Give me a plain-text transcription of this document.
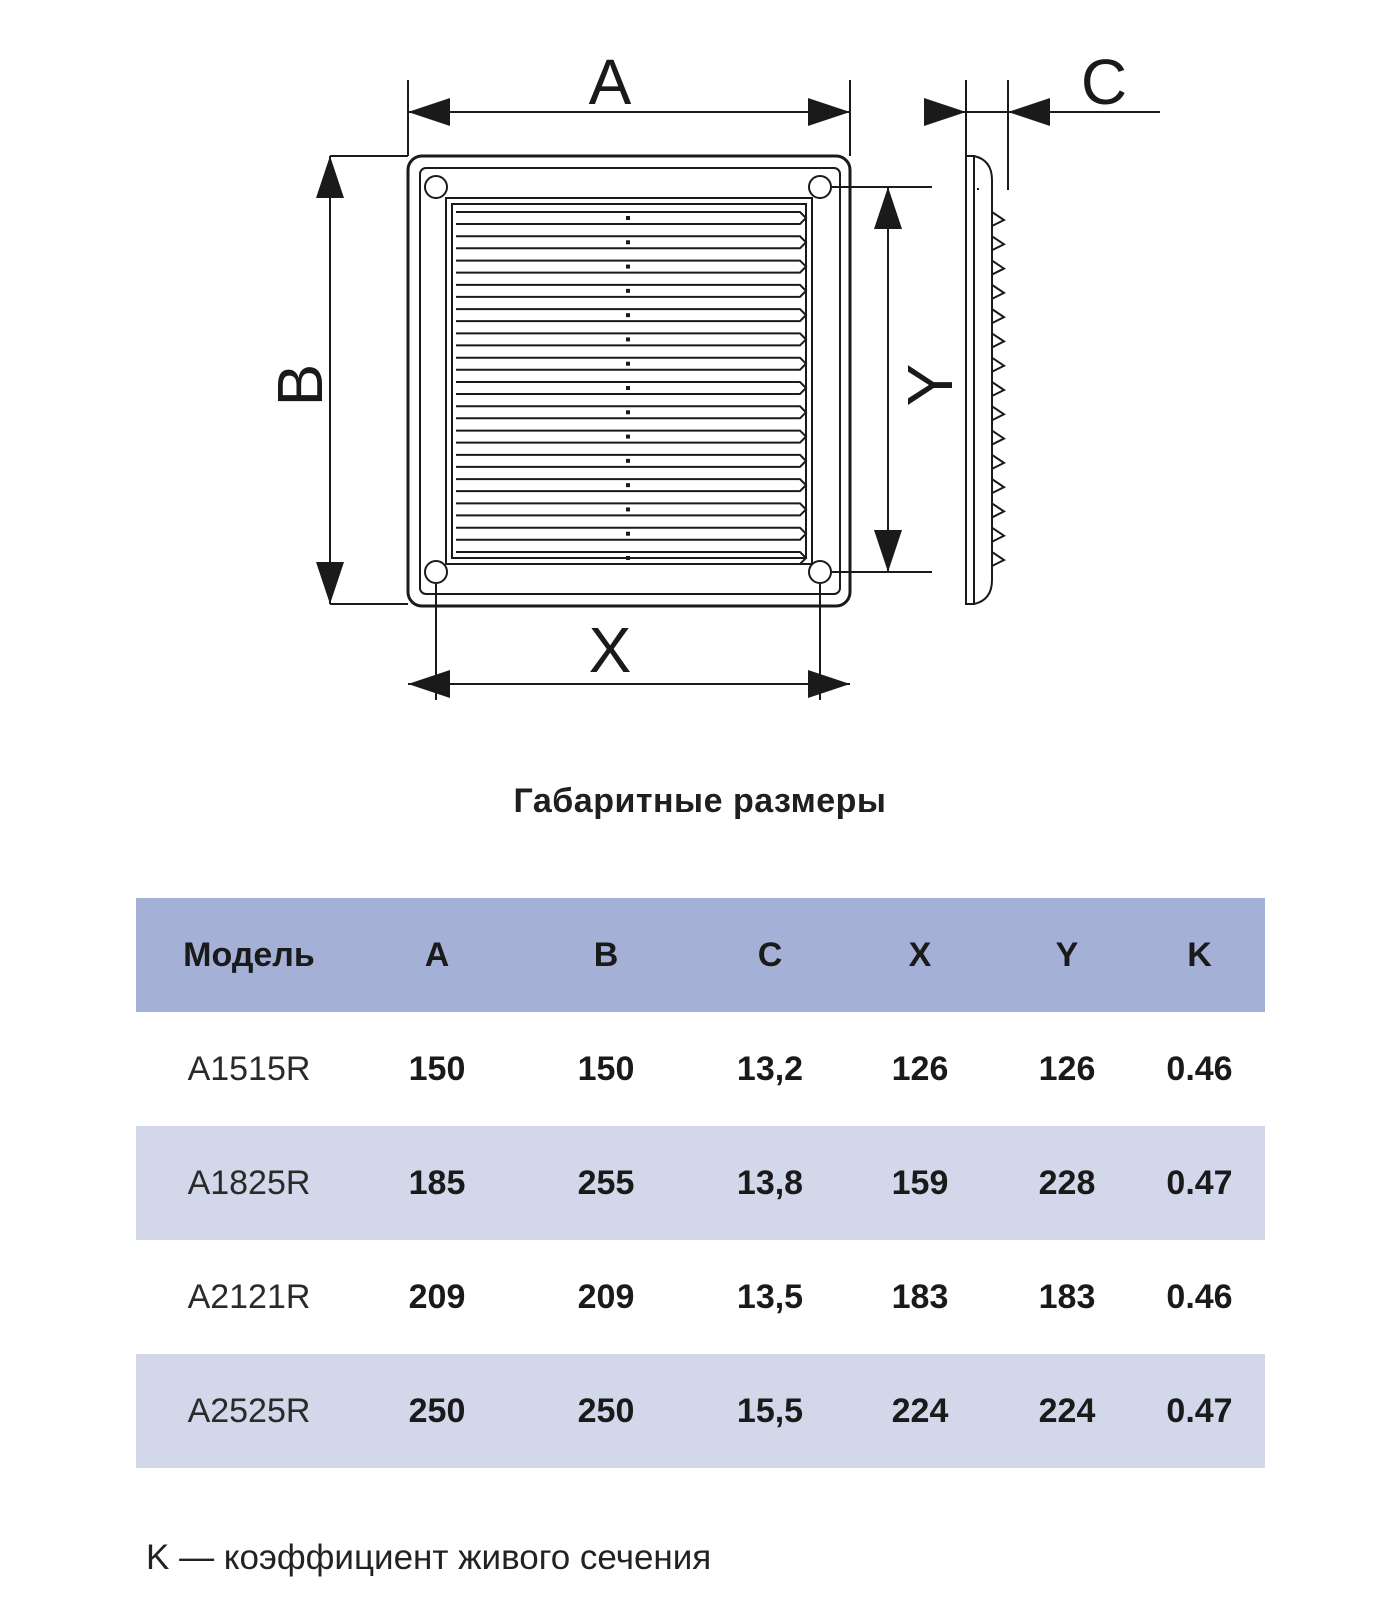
A
B
X
Y
C
Габаритные размеры
Модель	A	B	C	X	Y	K
A1515R	150	150	13,2	126	126	0.46
A1825R	185	255	13,8	159	228	0.47
A2121R	209	209	13,5	183	183	0.46
A2525R	250	250	15,5	224	224	0.47
K — коэффициент живого сечения
